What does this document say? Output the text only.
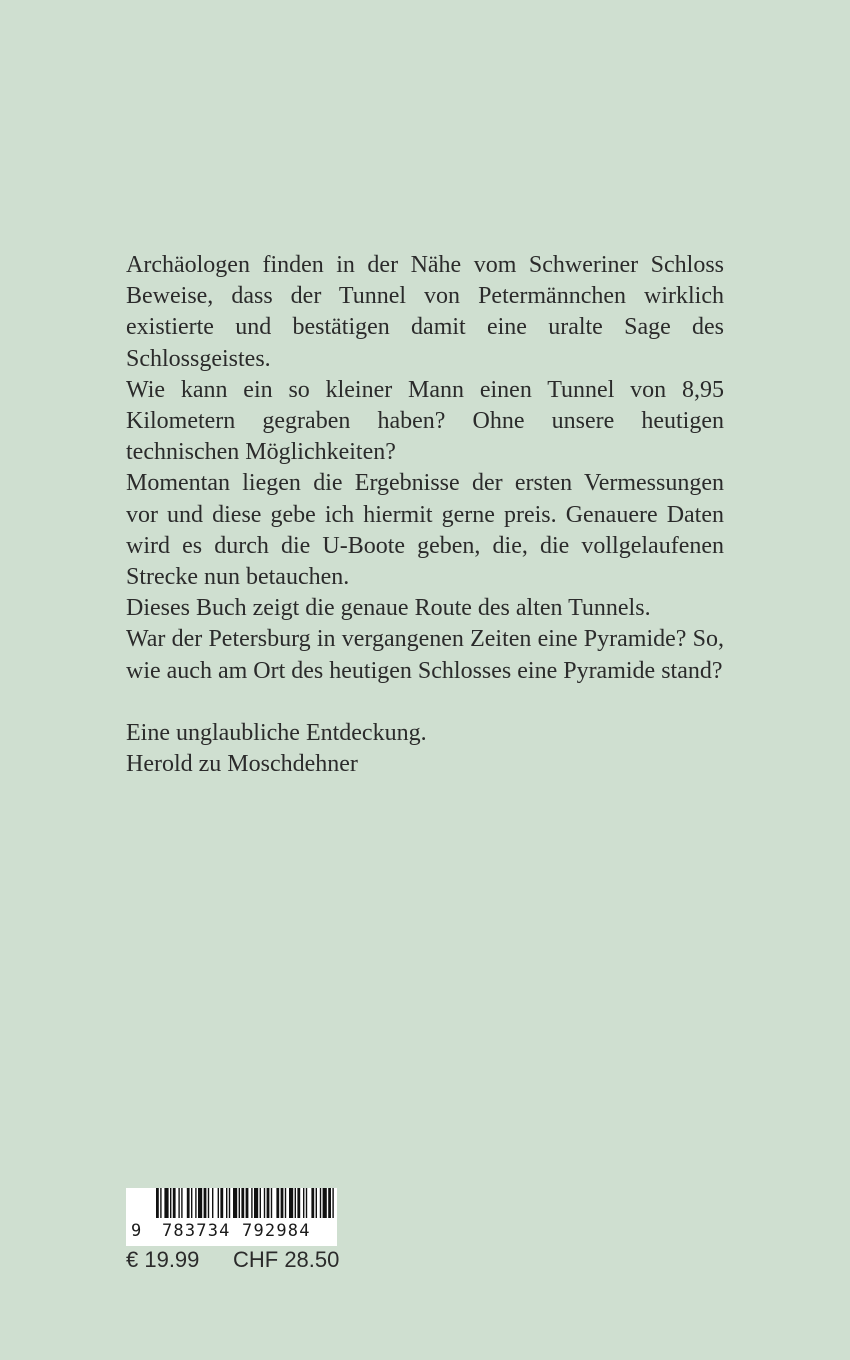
Archäologen finden in der Nähe vom Schweriner Schloss Beweise, dass der Tunnel von Petermännchen wirklich existierte und bestätigen damit eine uralte Sage des Schlossgeistes.

Wie kann ein so kleiner Mann einen Tunnel von 8,95 Kilometern gegraben haben? Ohne unsere heutigen technischen Möglichkeiten?

Momentan liegen die Ergebnisse der ersten Vermessungen vor und diese gebe ich hiermit gerne preis. Genauere Daten wird es durch die U-Boote geben, die, die vollgelaufenen Strecke nun betauchen.

Dieses Buch zeigt die genaue Route des alten Tunnels.

War der Petersburg in vergangenen Zeiten eine Pyramide? So, wie auch am Ort des heutigen Schlosses eine Pyramide stand?

Eine unglaubliche Entdeckung.

Herold zu Moschdehner

9 783734 792984
€ 19.99 CHF 28.50
